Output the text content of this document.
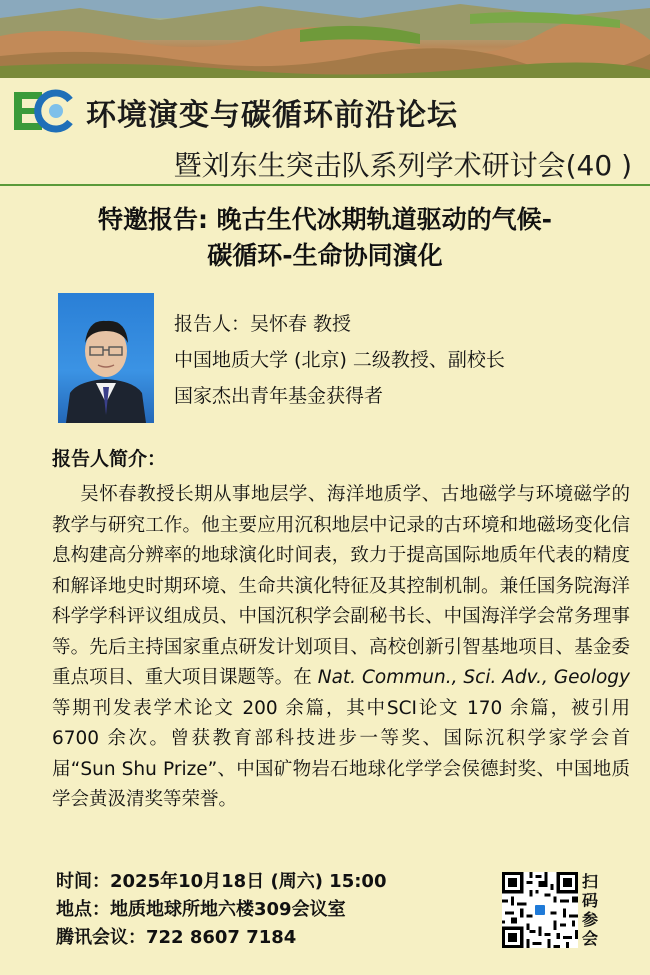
环境演变与碳循环前沿论坛
暨刘东生突击队系列学术研讨会(40 )
特邀报告: 晚古生代冰期轨道驱动的气候-
碳循环-生命协同演化
报告人：吴怀春 教授
中国地质大学 (北京) 二级教授、副校长
国家杰出青年基金获得者
报告人简介：
  吴怀春教授长期从事地层学、海洋地质学、古地磁学与环境磁学的教学与研究工作。他主要应用沉积地层中记录的古环境和地磁场变化信息构建高分辨率的地球演化时间表，致力于提高国际地质年代表的精度和解译地史时期环境、生命共演化特征及其控制机制。兼任国务院海洋科学学科评议组成员、中国沉积学会副秘书长、中国海洋学会常务理事等。先后主持国家重点研发计划项目、高校创新引智基地项目、基金委重点项目、重大项目课题等。在 Nat. Commun., Sci. Adv., Geology 等期刊发表学术论文 200 余篇，其中SCI论文 170 余篇，被引用 6700 余次。曾获教育部科技进步一等奖、国际沉积学家学会首届“Sun Shu Prize”、中国矿物岩石地球化学学会侯德封奖、中国地质学会黄汲清奖等荣誉。
时间：2025年10月18日 (周六) 15:00
地点：地质地球所地六楼309会议室
腾讯会议：722 8607 7184
扫码参会
